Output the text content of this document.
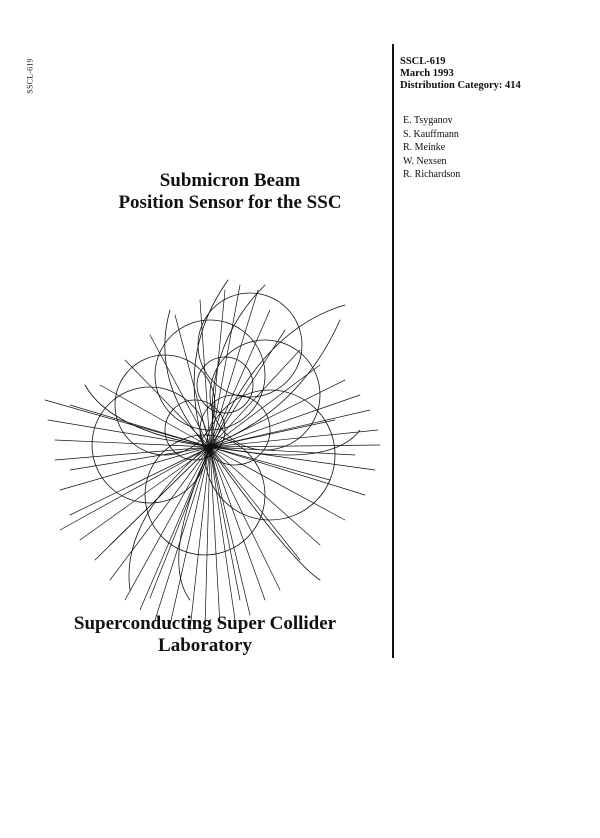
SSCL-619	SSCL-619
March 1993
Distribution Category: 414
E. Tsyganov
S. Kauffmann
R. Meinke
W. Nexsen
R. Richardson
Submicron Beam
Position Sensor for the SSC
Superconducting Super Collider
Laboratory
